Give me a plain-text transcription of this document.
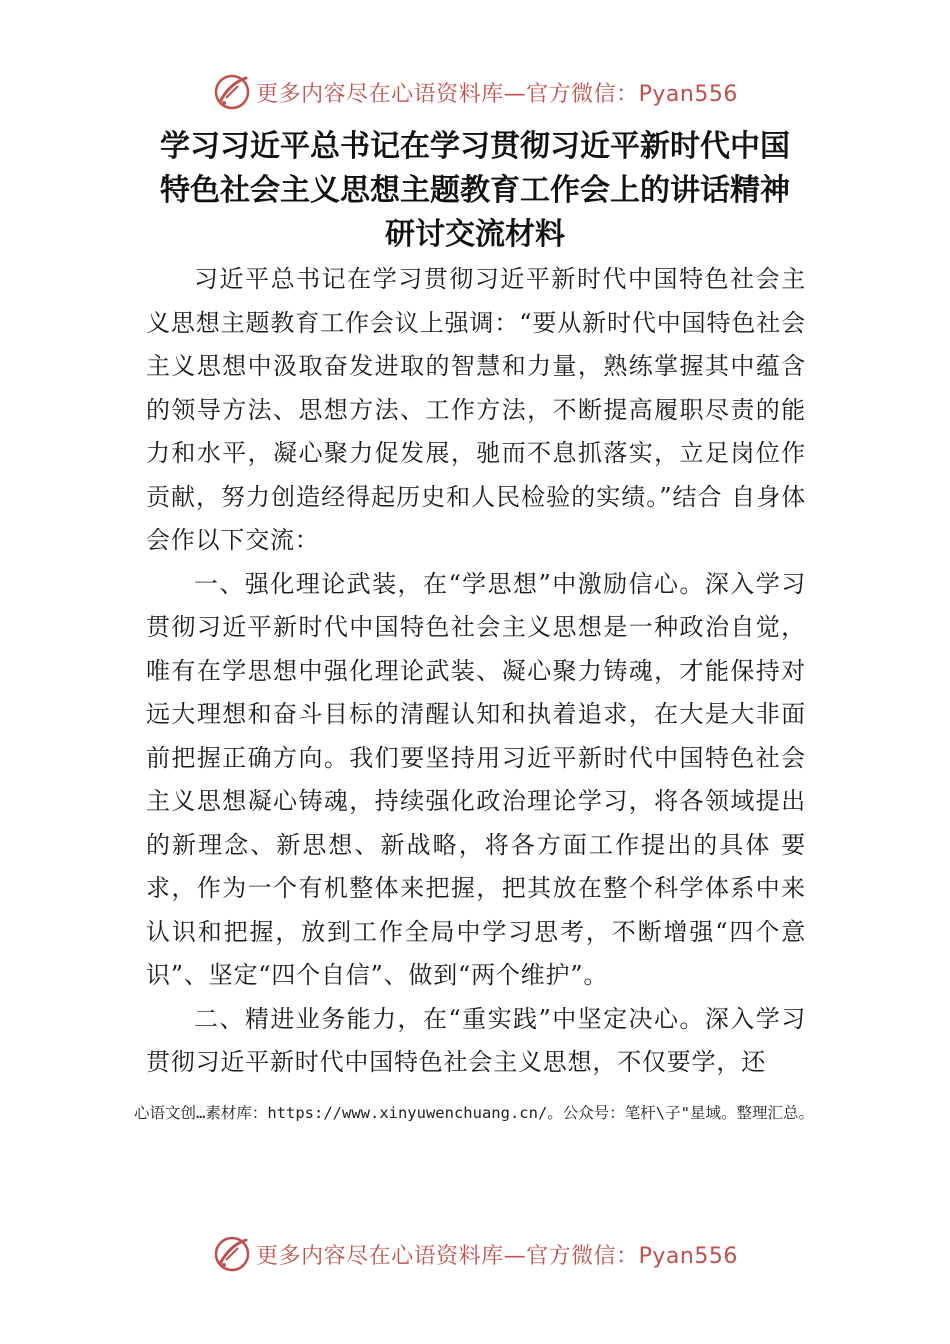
更多内容尽在心语资料库—官方微信：Pyan556
学习习近平总书记在学习贯彻习近平新时代中国
特色社会主义思想主题教育工作会上的讲话精神
研讨交流材料

习近平总书记在学习贯彻习近平新时代中国特色社会主义思想主题教育工作会议上强调：“要从新时代中国特色社会主义思想中汲取奋发进取的智慧和力量，熟练掌握其中蕴含的领导方法、思想方法、工作方法，不断提高履职尽责的能力和水平，凝心聚力促发展，驰而不息抓落实，立足岗位作贡献，努力创造经得起历史和人民检验的实绩。”结合 自身体会作以下交流：

一、强化理论武装，在“学思想”中激励信心。深入学习贯彻习近平新时代中国特色社会主义思想是一种政治自觉，唯有在学思想中强化理论武装、凝心聚力铸魂，才能保持对远大理想和奋斗目标的清醒认知和执着追求，在大是大非面前把握正确方向。我们要坚持用习近平新时代中国特色社会主义思想凝心铸魂，持续强化政治理论学习，将各领域提出的新理念、新思想、新战略，将各方面工作提出的具体 要求，作为一个有机整体来把握，把其放在整个科学体系中来认识和把握，放到工作全局中学习思考，不断增强“四个意识”、坚定“四个自信”、做到“两个维护”。

二、精进业务能力，在“重实践”中坚定决心。深入学习贯彻习近平新时代中国特色社会主义思想，不仅要学，还

心语文创…素材库：https://www.xinyuwenchuang.cn/。公众号：笔杆\子"星域。整理汇总。
更多内容尽在心语资料库—官方微信：Pyan556
